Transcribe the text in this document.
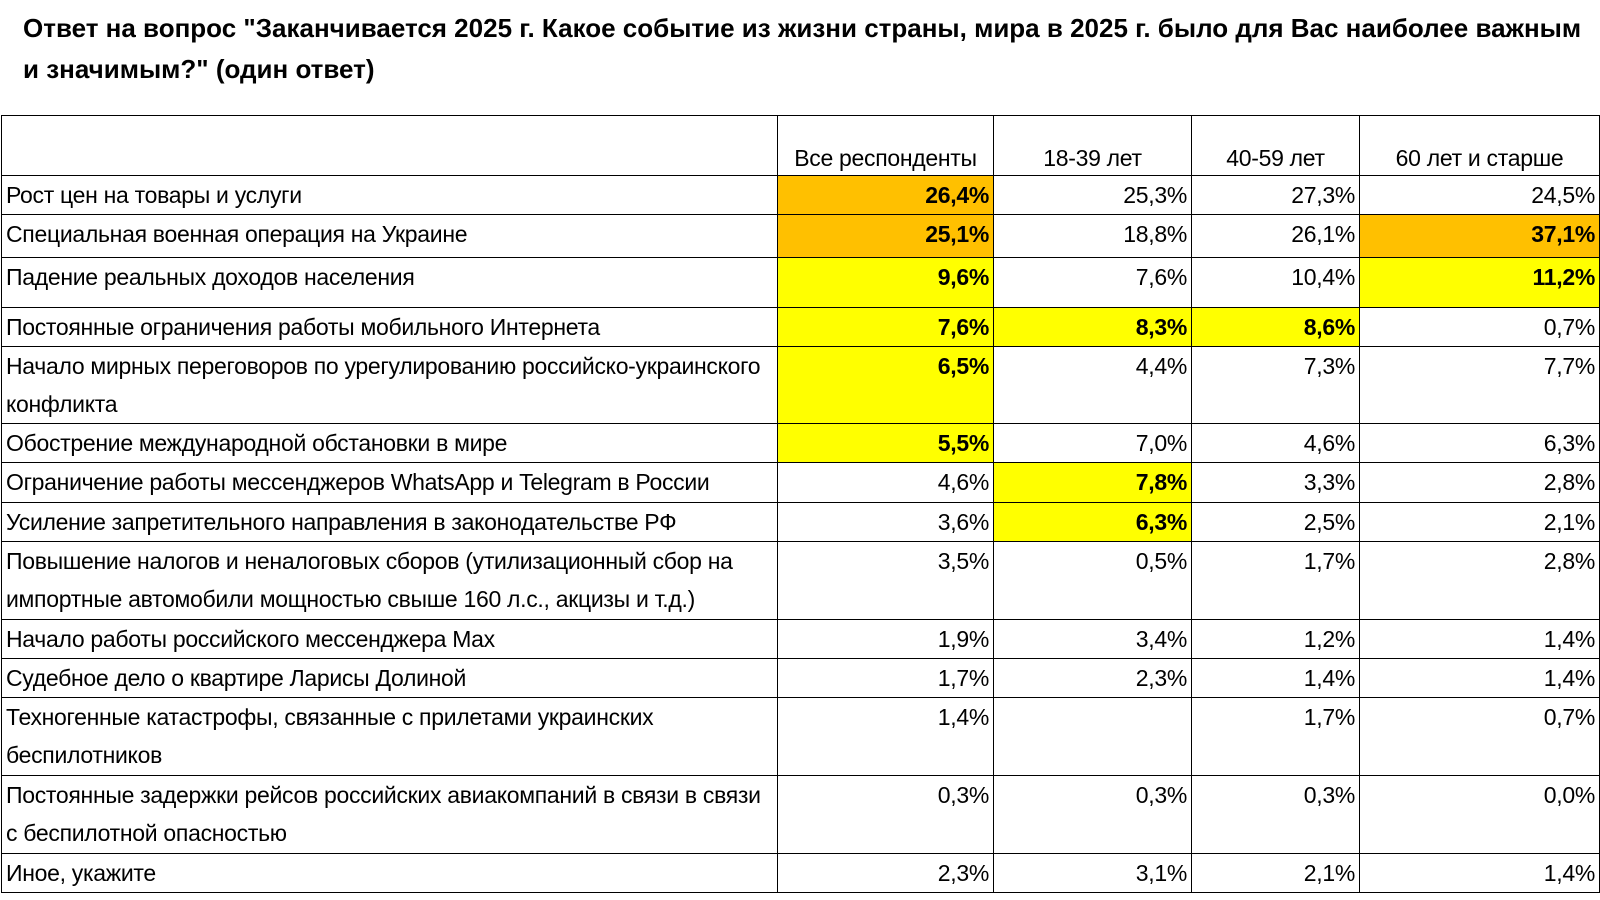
Ответ на вопрос "Заканчивается 2025 г. Какое событие из жизни страны, мира в 2025 г. было для Вас наиболее важным и значимым?" (один ответ)
	Все респонденты	18-39 лет	40-59 лет	60 лет и старше
Рост цен на товары и услуги	26,4%	25,3%	27,3%	24,5%
Специальная военная операция на Украине	25,1%	18,8%	26,1%	37,1%
Падение реальных доходов населения	9,6%	7,6%	10,4%	11,2%
Постоянные ограничения работы мобильного Интернета	7,6%	8,3%	8,6%	0,7%
Начало мирных переговоров по урегулированию российско-украинского конфликта	6,5%	4,4%	7,3%	7,7%
Обострение международной обстановки в мире	5,5%	7,0%	4,6%	6,3%
Ограничение работы мессенджеров WhatsApp и Telegram в России	4,6%	7,8%	3,3%	2,8%
Усиление запретительного направления в законодательстве РФ	3,6%	6,3%	2,5%	2,1%
Повышение налогов и неналоговых сборов (утилизационный сбор на импортные автомобили мощностью свыше 160 л.с., акцизы и т.д.)	3,5%	0,5%	1,7%	2,8%
Начало работы российского мессенджера Max	1,9%	3,4%	1,2%	1,4%
Судебное дело о квартире Ларисы Долиной	1,7%	2,3%	1,4%	1,4%
Техногенные катастрофы, связанные с прилетами украинских беспилотников	1,4%		1,7%	0,7%
Постоянные задержки рейсов российских авиакомпаний в связи в связи с беспилотной опасностью	0,3%	0,3%	0,3%	0,0%
Иное, укажите	2,3%	3,1%	2,1%	1,4%
